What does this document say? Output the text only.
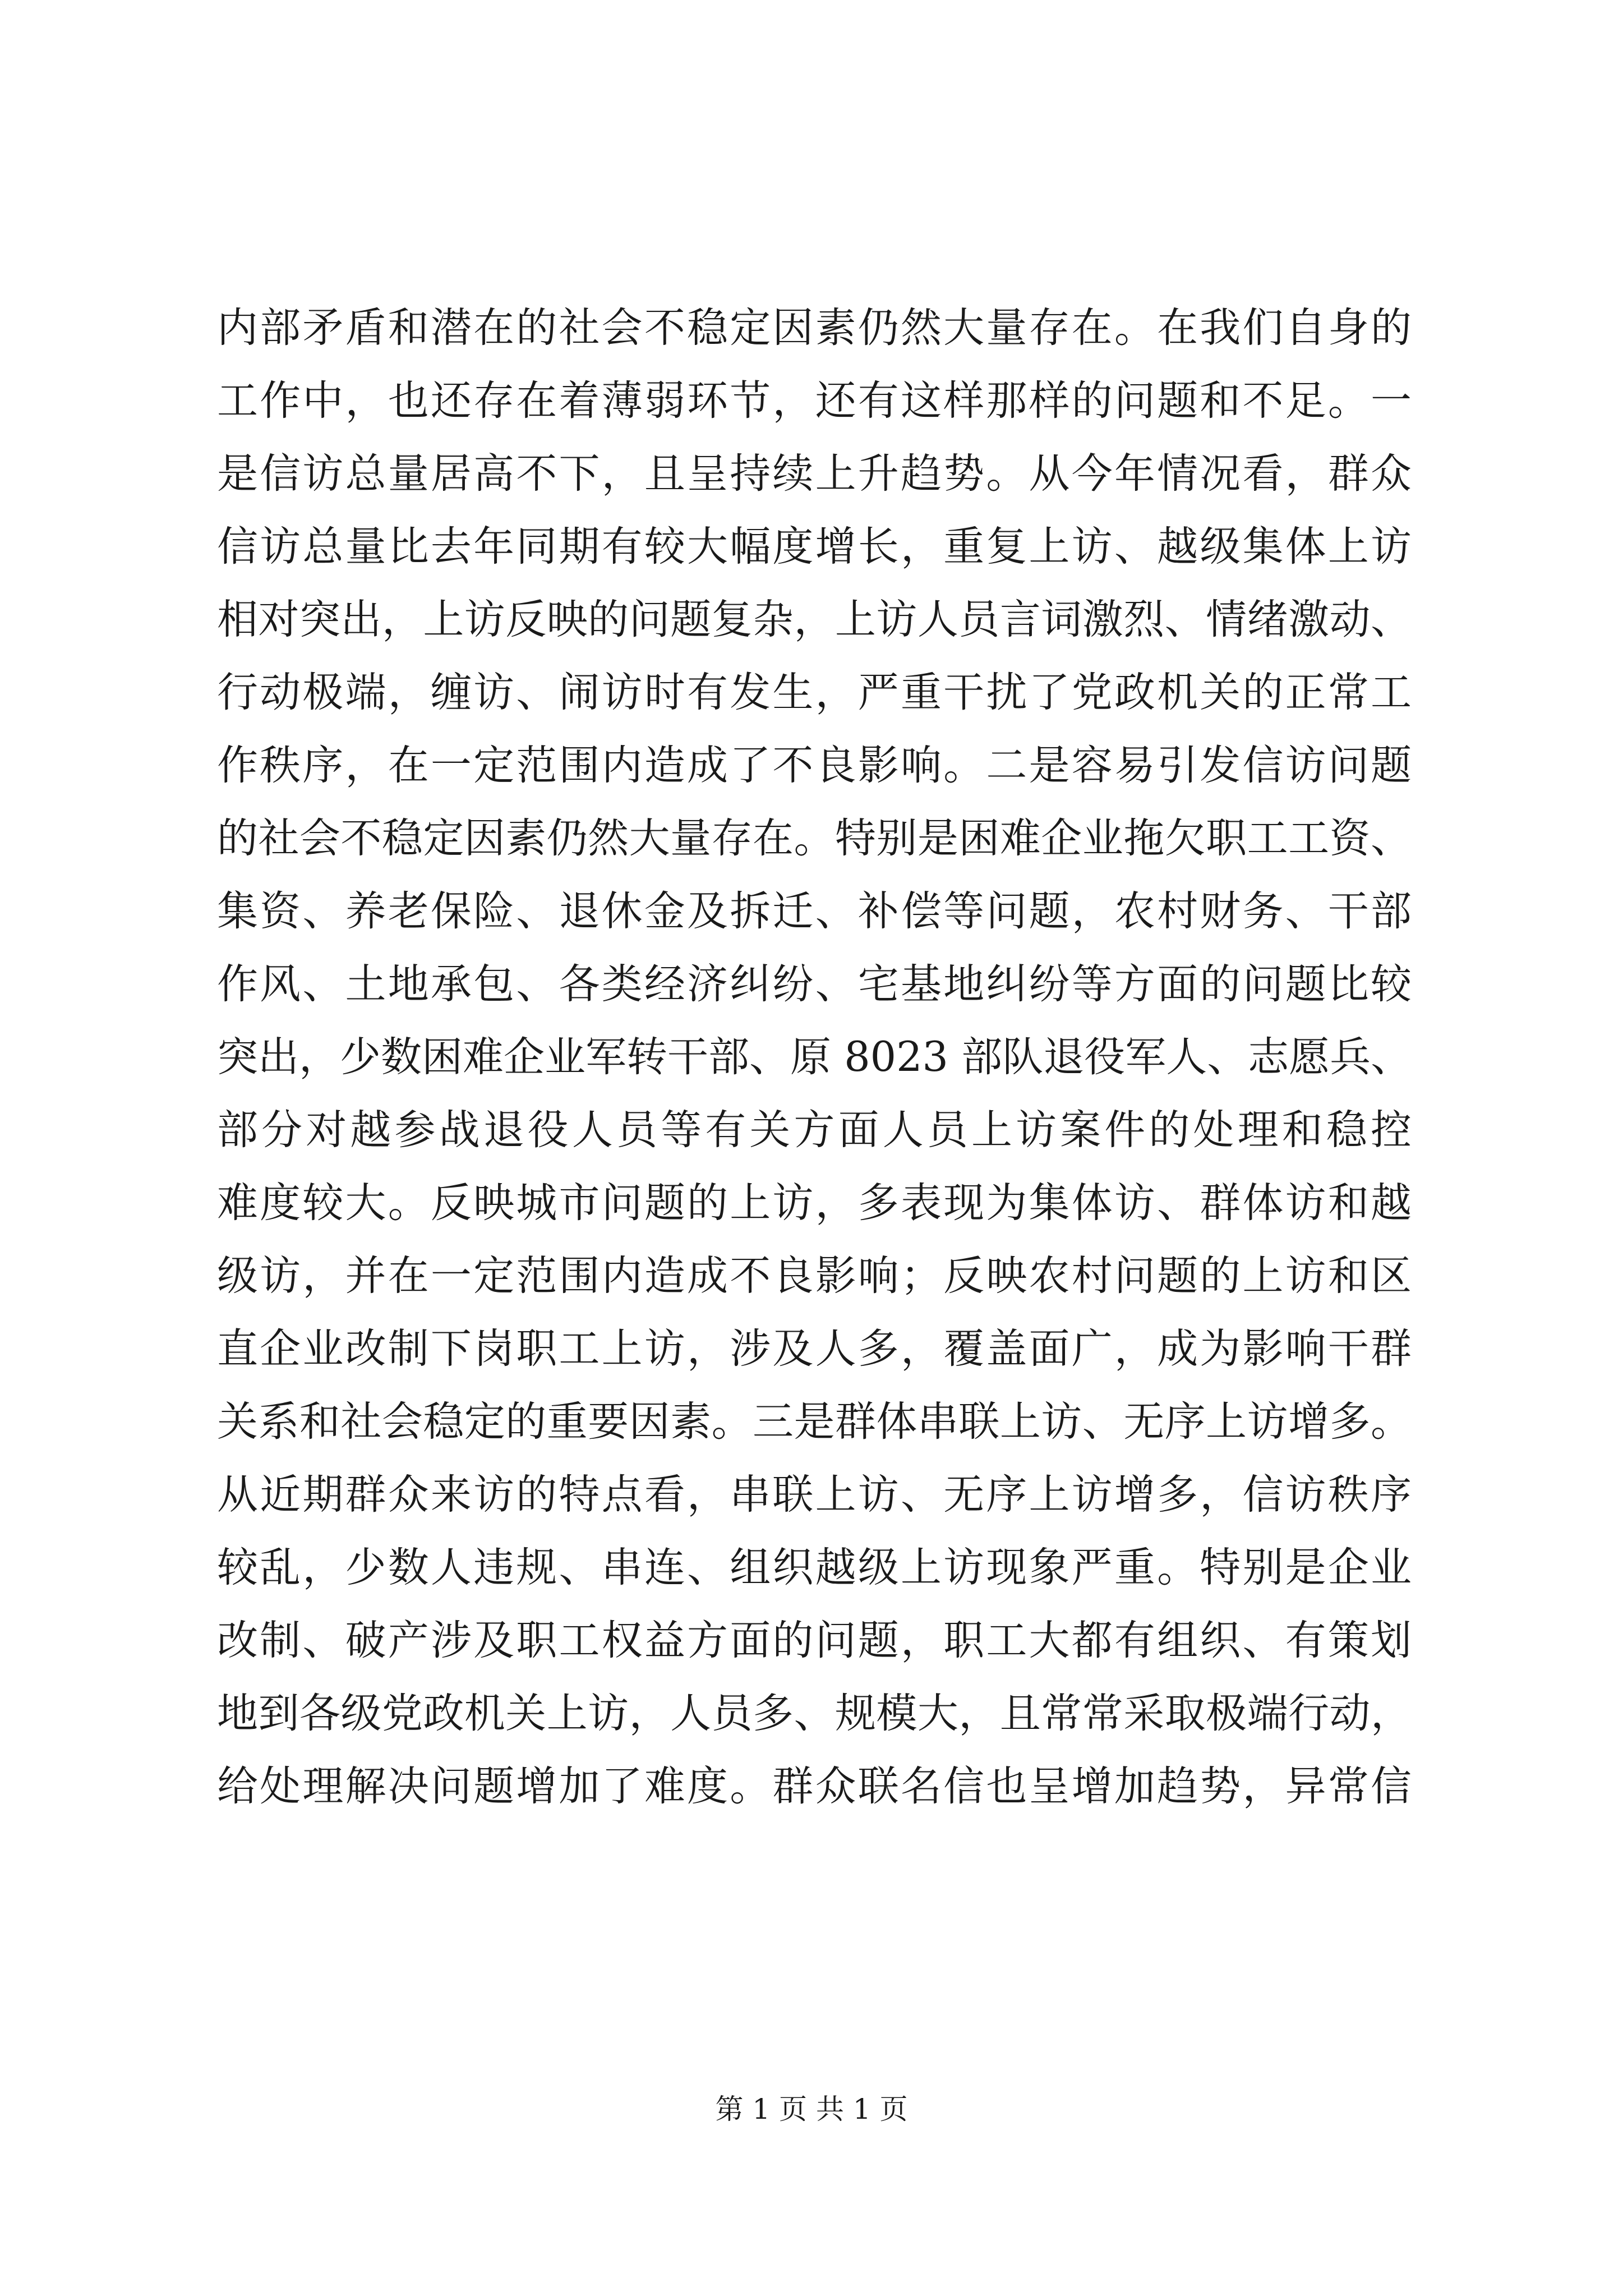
内部矛盾和潜在的社会不稳定因素仍然大量存在。在我们自身的
工作中，也还存在着薄弱环节，还有这样那样的问题和不足。一
是信访总量居高不下，且呈持续上升趋势。从今年情况看，群众
信访总量比去年同期有较大幅度增长，重复上访、越级集体上访
相对突出，上访反映的问题复杂，上访人员言词激烈、情绪激动、
行动极端，缠访、闹访时有发生，严重干扰了党政机关的正常工
作秩序，在一定范围内造成了不良影响。二是容易引发信访问题
的社会不稳定因素仍然大量存在。特别是困难企业拖欠职工工资、
集资、养老保险、退休金及拆迁、补偿等问题，农村财务、干部
作风、土地承包、各类经济纠纷、宅基地纠纷等方面的问题比较
突出，少数困难企业军转干部、原 8023 部队退役军人、志愿兵、
部分对越参战退役人员等有关方面人员上访案件的处理和稳控
难度较大。反映城市问题的上访，多表现为集体访、群体访和越
级访，并在一定范围内造成不良影响；反映农村问题的上访和区
直企业改制下岗职工上访，涉及人多，覆盖面广，成为影响干群
关系和社会稳定的重要因素。三是群体串联上访、无序上访增多。
从近期群众来访的特点看，串联上访、无序上访增多，信访秩序
较乱，少数人违规、串连、组织越级上访现象严重。特别是企业
改制、破产涉及职工权益方面的问题，职工大都有组织、有策划
地到各级党政机关上访，人员多、规模大，且常常采取极端行动，
给处理解决问题增加了难度。群众联名信也呈增加趋势，异常信
第 1 页 共 1 页
